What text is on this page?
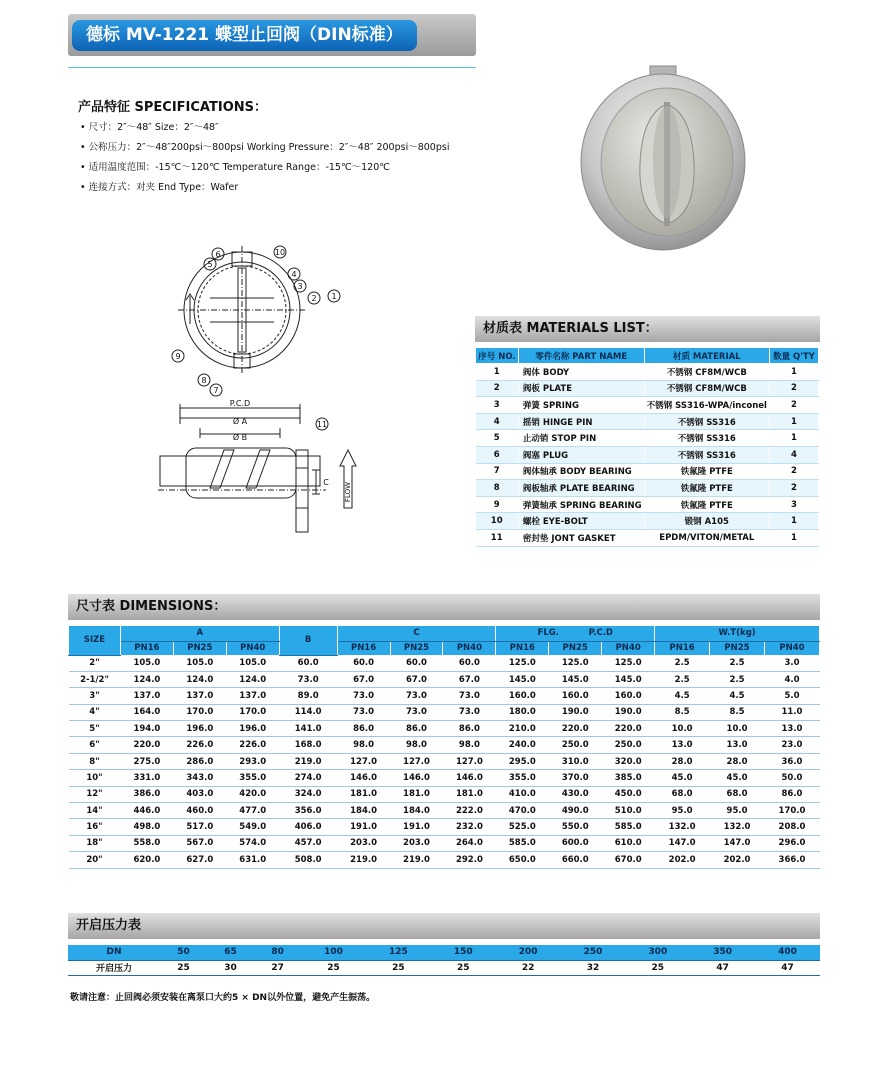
德标 MV-1221 蝶型止回阀（DIN标准）
产品特征 SPECIFICATIONS：
• 尺寸：2″～48″ Size：2″～48″
• 公称压力：2″～48″200psi～800psi Working Pressure：2″～48″ 200psi～800psi
• 适用温度范围：-15℃～120℃ Temperature Range：-15℃～120℃
• 连接方式：对夹 End Type：Wafer
1
2
3
4
5
6
7
8
9
10
11
P.C.D
Ø A
Ø B
C FLOW
材质表 MATERIALS LIST：
序号 NO.	零件名称 PART NAME	材质 MATERIAL	数量 Q'TY
1	阀体 BODY	不锈钢 CF8M/WCB	1
2	阀板 PLATE	不锈钢 CF8M/WCB	2
3	弹簧 SPRING	不锈钢 SS316-WPA/inconel	2
4	摇销 HINGE PIN	不锈钢 SS316	1
5	止动销 STOP PIN	不锈钢 SS316	1
6	阀塞 PLUG	不锈钢 SS316	4
7	阀体轴承 BODY BEARING	铁氟隆 PTFE	2
8	阀板轴承 PLATE BEARING	铁氟隆 PTFE	2
9	弹簧轴承 SPRING BEARING	铁氟隆 PTFE	3
10	螺栓 EYE-BOLT	锻钢 A105	1
11	密封垫 JONT GASKET	EPDM/VITON/METAL	1
尺寸表 DIMENSIONS：
SIZE	A			B	C			FLG. P.C.D			W.T(kg)		
	PN16	PN25	PN40		PN16	PN25	PN40	PN16	PN25	PN40	PN16	PN25	PN40
2"	105.0	105.0	105.0	60.0	60.0	60.0	60.0	125.0	125.0	125.0	2.5	2.5	3.0
2-1/2"	124.0	124.0	124.0	73.0	67.0	67.0	67.0	145.0	145.0	145.0	2.5	2.5	4.0
3"	137.0	137.0	137.0	89.0	73.0	73.0	73.0	160.0	160.0	160.0	4.5	4.5	5.0
4"	164.0	170.0	170.0	114.0	73.0	73.0	73.0	180.0	190.0	190.0	8.5	8.5	11.0
5"	194.0	196.0	196.0	141.0	86.0	86.0	86.0	210.0	220.0	220.0	10.0	10.0	13.0
6"	220.0	226.0	226.0	168.0	98.0	98.0	98.0	240.0	250.0	250.0	13.0	13.0	23.0
8"	275.0	286.0	293.0	219.0	127.0	127.0	127.0	295.0	310.0	320.0	28.0	28.0	36.0
10"	331.0	343.0	355.0	274.0	146.0	146.0	146.0	355.0	370.0	385.0	45.0	45.0	50.0
12"	386.0	403.0	420.0	324.0	181.0	181.0	181.0	410.0	430.0	450.0	68.0	68.0	86.0
14"	446.0	460.0	477.0	356.0	184.0	184.0	222.0	470.0	490.0	510.0	95.0	95.0	170.0
16"	498.0	517.0	549.0	406.0	191.0	191.0	232.0	525.0	550.0	585.0	132.0	132.0	208.0
18"	558.0	567.0	574.0	457.0	203.0	203.0	264.0	585.0	600.0	610.0	147.0	147.0	296.0
20"	620.0	627.0	631.0	508.0	219.0	219.0	292.0	650.0	660.0	670.0	202.0	202.0	366.0
开启压力表
DN	50	65	80	100	125	150	200	250	300	350	400
开启压力	25	30	27	25	25	25	22	32	25	47	47
敬请注意：止回阀必须安装在离泵口大约5 × DN以外位置，避免产生振荡。
